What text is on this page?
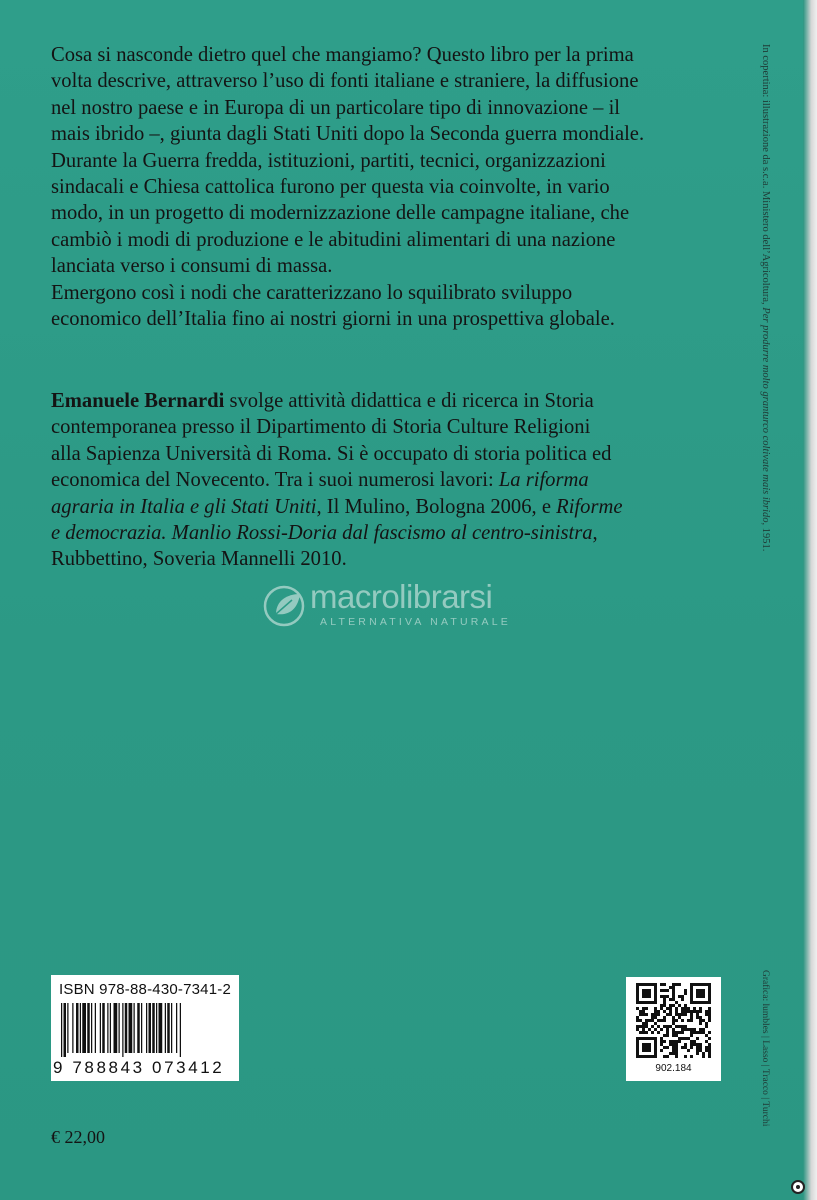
Cosa si nasconde dietro quel che mangiamo? Questo libro per la prima
volta descrive, attraverso l’uso di fonti italiane e straniere, la diffusione
nel nostro paese e in Europa di un particolare tipo di innovazione – il
mais ibrido –, giunta dagli Stati Uniti dopo la Seconda guerra mondiale.
Durante la Guerra fredda, istituzioni, partiti, tecnici, organizzazioni
sindacali e Chiesa cattolica furono per questa via coinvolte, in vario
modo, in un progetto di modernizzazione delle campagne italiane, che
cambiò i modi di produzione e le abitudini alimentari di una nazione
lanciata verso i consumi di massa.
Emergono così i nodi che caratterizzano lo squilibrato sviluppo
economico dell’Italia fino ai nostri giorni in una prospettiva globale.
Emanuele Bernardi svolge attività didattica e di ricerca in Storia
contemporanea presso il Dipartimento di Storia Culture Religioni
alla Sapienza Università di Roma. Si è occupato di storia politica ed
economica del Novecento. Tra i suoi numerosi lavori: La riforma
agraria in Italia e gli Stati Uniti, Il Mulino, Bologna 2006, e Riforme
e democrazia. Manlio Rossi-Doria dal fascismo al centro-sinistra,
Rubbettino, Soveria Mannelli 2010.
In copertina: illustrazione da s.c.a. Ministero dell’Agricoltura, Per produrre molto granturco coltivate mais ibrido, 1951.
Grafica: lumbles | Lasso | Tracco | Turchi
macrolibrarsi
ALTERNATIVA NATURALE
ISBN 978-88-430-7341-2
9 788843 073412	902.184
€ 22,00
